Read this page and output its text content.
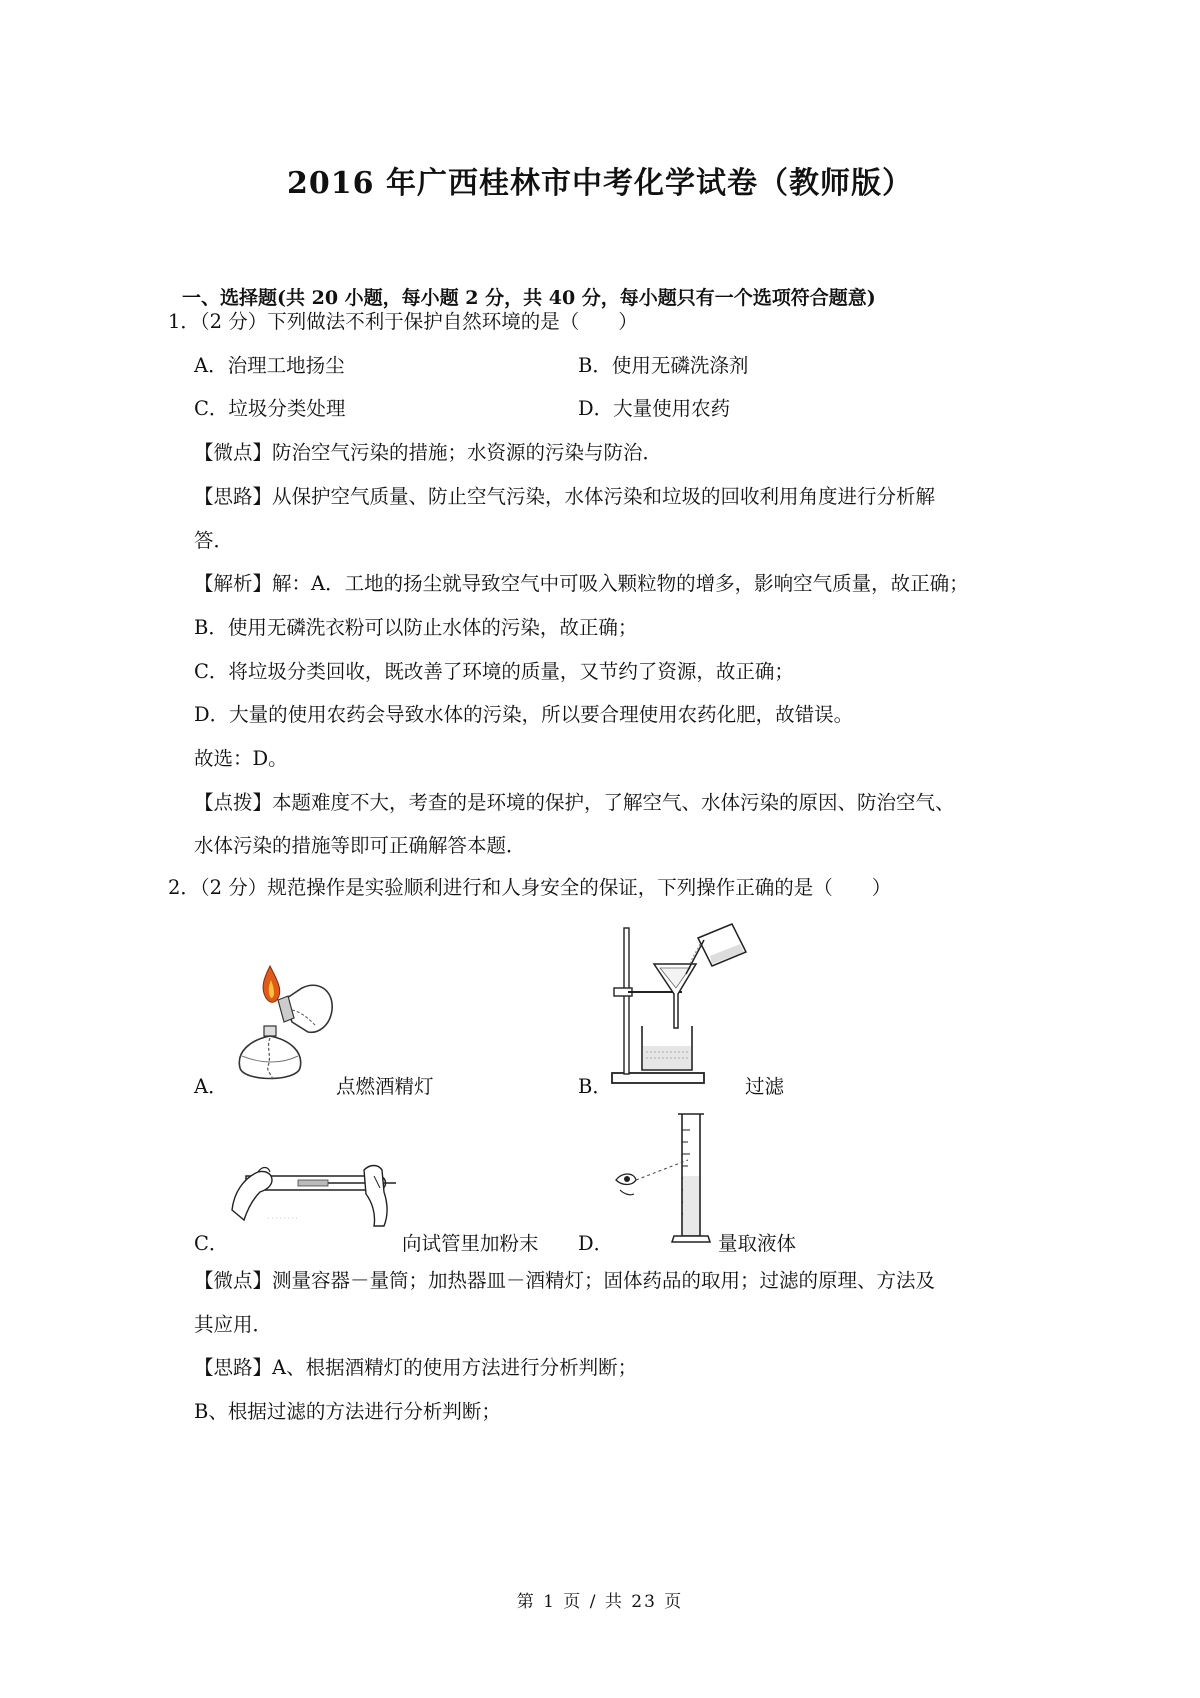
2016 年广西桂林市中考化学试卷（教师版）
一、选择题(共 20 小题，每小题 2 分，共 40 分，每小题只有一个选项符合题意)
1．（2 分）下列做法不利于保护自然环境的是（　　）
A．治理工地扬尘	B．使用无磷洗涤剂
C．垃圾分类处理	D．大量使用农药
【微点】防治空气污染的措施；水资源的污染与防治．
【思路】从保护空气质量、防止空气污染，水体污染和垃圾的回收利用角度进行分析解
答．
【解析】解：A．工地的扬尘就导致空气中可吸入颗粒物的增多，影响空气质量，故正确；
B．使用无磷洗衣粉可以防止水体的污染，故正确；
C．将垃圾分类回收，既改善了环境的质量，又节约了资源，故正确；
D．大量的使用农药会导致水体的污染，所以要合理使用农药化肥，故错误。
故选：D。
【点拨】本题难度不大，考查的是环境的保护，了解空气、水体污染的原因、防治空气、
水体污染的措施等即可正确解答本题．
2．（2 分）规范操作是实验顺利进行和人身安全的保证，下列操作正确的是（　　）
A．	点燃酒精灯	B．	过滤
C．	向试管里加粉末 D．	量取液体
【微点】测量容器－量筒；加热器皿－酒精灯；固体药品的取用；过滤的原理、方法及
其应用．
【思路】A、根据酒精灯的使用方法进行分析判断；
B、根据过滤的方法进行分析判断；
第 1 页 / 共 23 页
